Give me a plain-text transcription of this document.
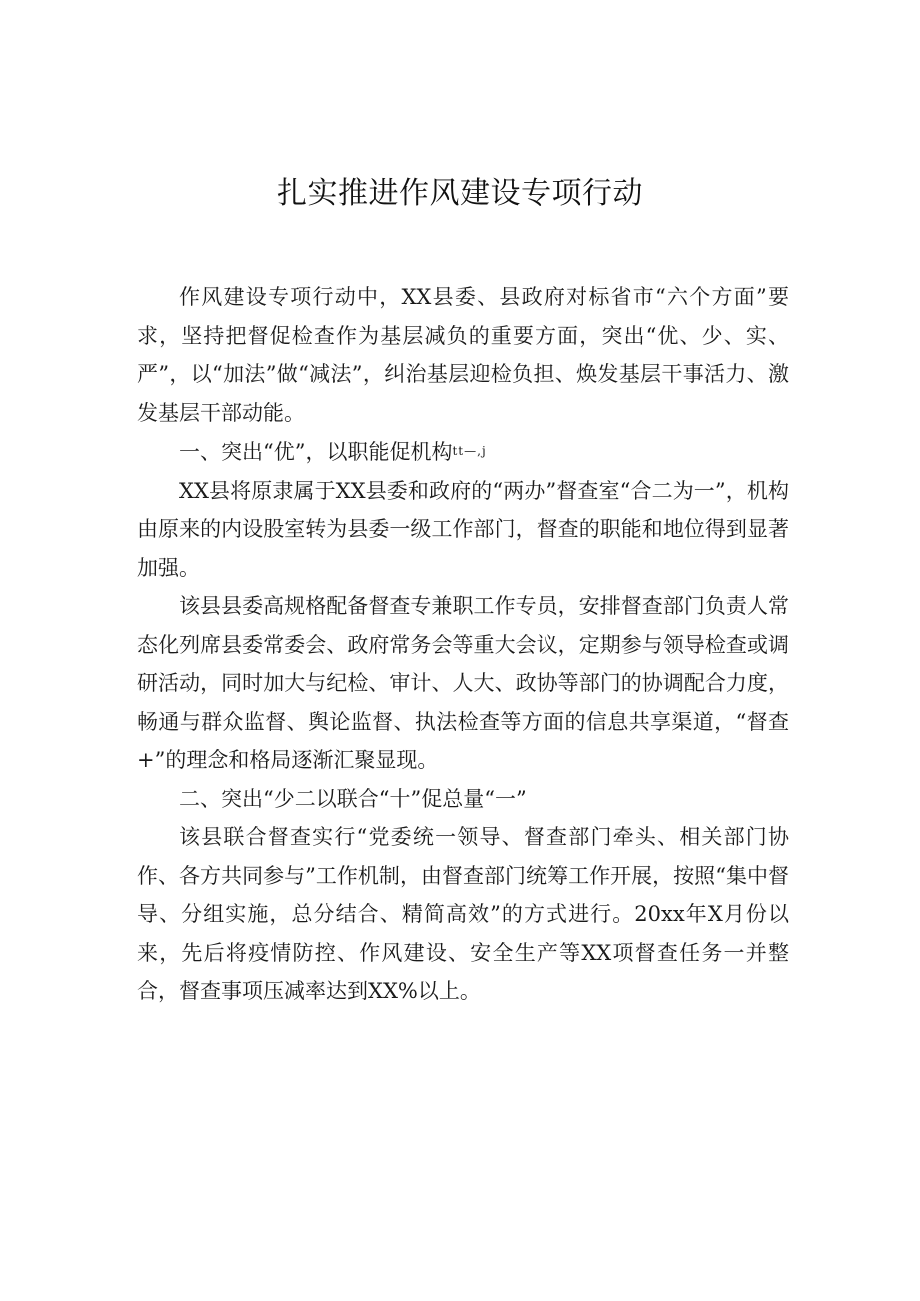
扎实推进作风建设专项行动

作风建设专项行动中，XX县委、县政府对标省市“六个方面”要求，坚持把督促检查作为基层减负的重要方面，突出“优、少、实、严”，以“加法”做“减法”，纠治基层迎检负担、焕发基层干事活力、激发基层干部动能。

一、突出“优”，以职能促机构tt—,j

XX县将原隶属于XX县委和政府的“两办”督查室“合二为一”，机构由原来的内设股室转为县委一级工作部门，督查的职能和地位得到显著加强。

该县县委高规格配备督查专兼职工作专员，安排督查部门负责人常态化列席县委常委会、政府常务会等重大会议，定期参与领导检查或调研活动，同时加大与纪检、审计、人大、政协等部门的协调配合力度，畅通与群众监督、舆论监督、执法检查等方面的信息共享渠道，“督查+”的理念和格局逐渐汇聚显现。

二、突出“少二以联合“十”促总量“一”

该县联合督查实行“党委统一领导、督查部门牵头、相关部门协作、各方共同参与”工作机制，由督查部门统筹工作开展，按照“集中督导、分组实施，总分结合、精简高效”的方式进行。20xx年X月份以来，先后将疫情防控、作风建设、安全生产等XX项督查任务一并整合，督查事项压减率达到XX%以上。
